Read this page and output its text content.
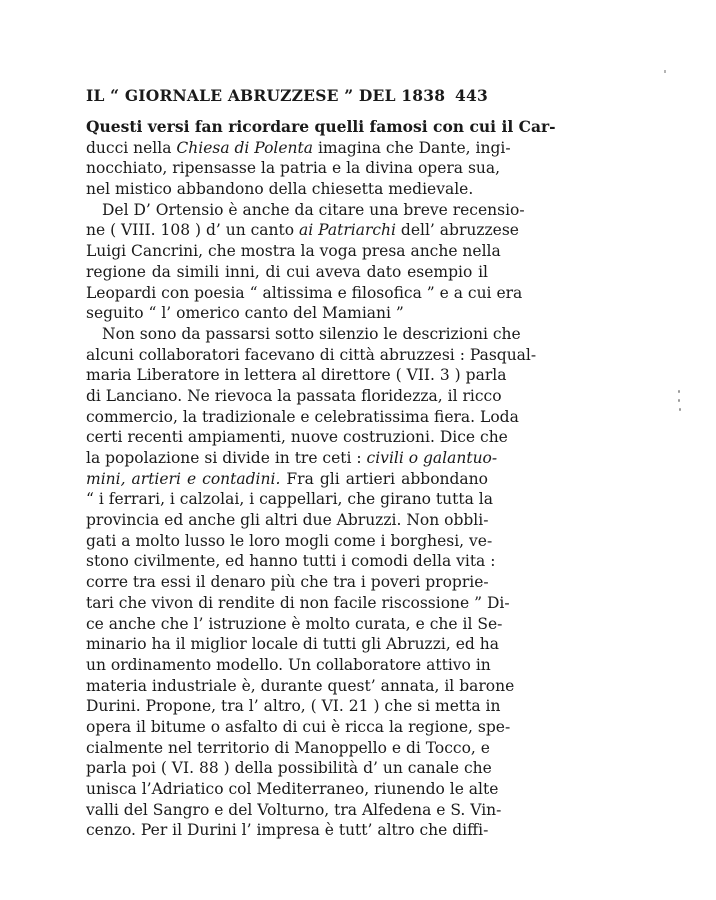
IL “ GIORNALE ABRUZZESE ” DEL 1838 443
Questi versi fan ricordare quelli famosi con cui il Car-
ducci nella Chiesa di Polenta imagina che Dante, ingi-
nocchiato, ripensasse la patria e la divina opera sua,
nel mistico abbandono della chiesetta medievale.
Del D’ Ortensio è anche da citare una breve recensio-
ne ( VIII. 108 ) d’ un canto ai Patriarchi dell’ abruzzese
Luigi Cancrini, che mostra la voga presa anche nella
regione da simili inni, di cui aveva dato esempio il
Leopardi con poesia “ altissima e filosofica ” e a cui era
seguito “ l’ omerico canto del Mamiani ”
Non sono da passarsi sotto silenzio le descrizioni che
alcuni collaboratori facevano di città abruzzesi : Pasqual-
maria Liberatore in lettera al direttore ( VII. 3 ) parla
di Lanciano. Ne rievoca la passata floridezza, il ricco
commercio, la tradizionale e celebratissima fiera. Loda
certi recenti ampiamenti, nuove costruzioni. Dice che
la popolazione si divide in tre ceti : civili o galantuo-
mini, artieri e contadini. Fra gli artieri abbondano
“ i ferrari, i calzolai, i cappellari, che girano tutta la
provincia ed anche gli altri due Abruzzi. Non obbli-
gati a molto lusso le loro mogli come i borghesi, ve-
stono civilmente, ed hanno tutti i comodi della vita :
corre tra essi il denaro più che tra i poveri proprie-
tari che vivon di rendite di non facile riscossione ” Di-
ce anche che l’ istruzione è molto curata, e che il Se-
minario ha il miglior locale di tutti gli Abruzzi, ed ha
un ordinamento modello. Un collaboratore attivo in
materia industriale è, durante quest’ annata, il barone
Durini. Propone, tra l’ altro, ( VI. 21 ) che si metta in
opera il bitume o asfalto di cui è ricca la regione, spe-
cialmente nel territorio di Manoppello e di Tocco, e
parla poi ( VI. 88 ) della possibilità d’ un canale che
unisca l’Adriatico col Mediterraneo, riunendo le alte
valli del Sangro e del Volturno, tra Alfedena e S. Vin-
cenzo. Per il Durini l’ impresa è tutt’ altro che diffi-
